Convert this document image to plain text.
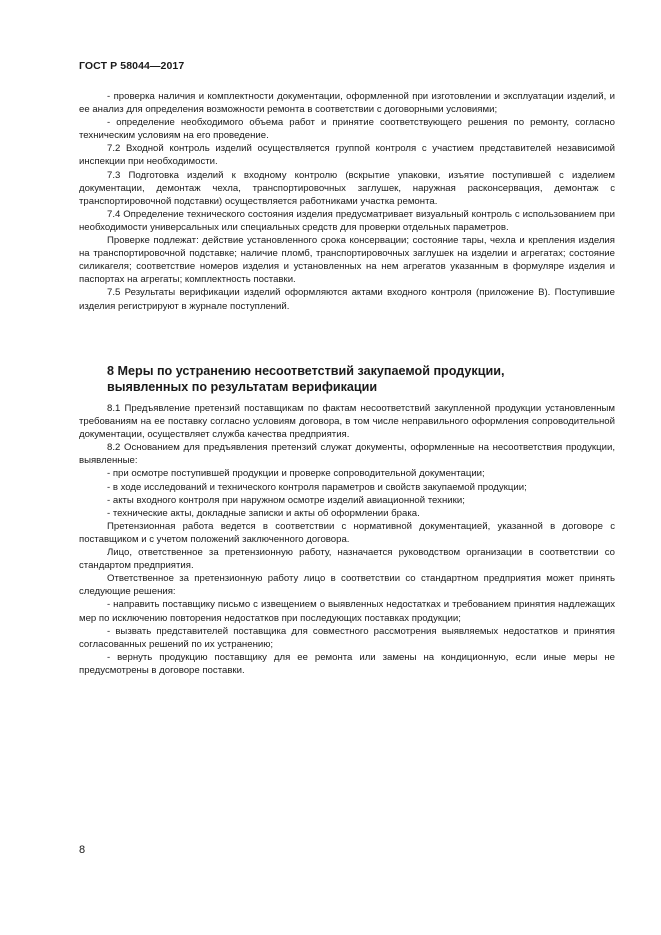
ГОСТ Р 58044—2017

- проверка наличия и комплектности документации, оформленной при изготовлении и эксплуатации изделий, и ее анализ для определения возможности ремонта в соответствии с договорными условиями;

- определение необходимого объема работ и принятие соответствующего решения по ремонту, согласно техническим условиям на его проведение.

7.2 Входной контроль изделий осуществляется группой контроля с участием представителей независимой инспекции при необходимости.

7.3 Подготовка изделий к входному контролю (вскрытие упаковки, изъятие поступившей с изделием документации, демонтаж чехла, транспортировочных заглушек, наружная расконсервация, демонтаж с транспортировочной подставки) осуществляется работниками участка ремонта.

7.4 Определение технического состояния изделия предусматривает визуальный контроль с использованием при необходимости универсальных или специальных средств для проверки отдельных параметров.

Проверке подлежат: действие установленного срока консервации; состояние тары, чехла и крепления изделия на транспортировочной подставке; наличие пломб, транспортировочных заглушек на изделии и агрегатах; состояние силикагеля; соответствие номеров изделия и установленных на нем агрегатов указанным в формуляре изделия и паспортах на агрегаты; комплектность поставки.

7.5 Результаты верификации изделий оформляются актами входного контроля (приложение В). Поступившие изделия регистрируют в журнале поступлений.

8 Меры по устранению несоответствий закупаемой продукции,
выявленных по результатам верификации

8.1 Предъявление претензий поставщикам по фактам несоответствий закупленной продукции установленным требованиям на ее поставку согласно условиям договора, в том числе неправильного оформления сопроводительной документации, осуществляет служба качества предприятия.

8.2 Основанием для предъявления претензий служат документы, оформленные на несоответствия продукции, выявленные:

- при осмотре поступившей продукции и проверке сопроводительной документации;

- в ходе исследований и технического контроля параметров и свойств закупаемой продукции;

- акты входного контроля при наружном осмотре изделий авиационной техники;

- технические акты, докладные записки и акты об оформлении брака.

Претензионная работа ведется в соответствии с нормативной документацией, указанной в договоре с поставщиком и с учетом положений заключенного договора.

Лицо, ответственное за претензионную работу, назначается руководством организации в соответствии со стандартом предприятия.

Ответственное за претензионную работу лицо в соответствии со стандартном предприятия может принять следующие решения:

- направить поставщику письмо с извещением о выявленных недостатках и требованием принятия надлежащих мер по исключению повторения недостатков при последующих поставках продукции;

- вызвать представителей поставщика для совместного рассмотрения выявляемых недостатков и принятия согласованных решений по их устранению;

- вернуть продукцию поставщику для ее ремонта или замены на кондиционную, если иные меры не предусмотрены в договоре поставки.

8
